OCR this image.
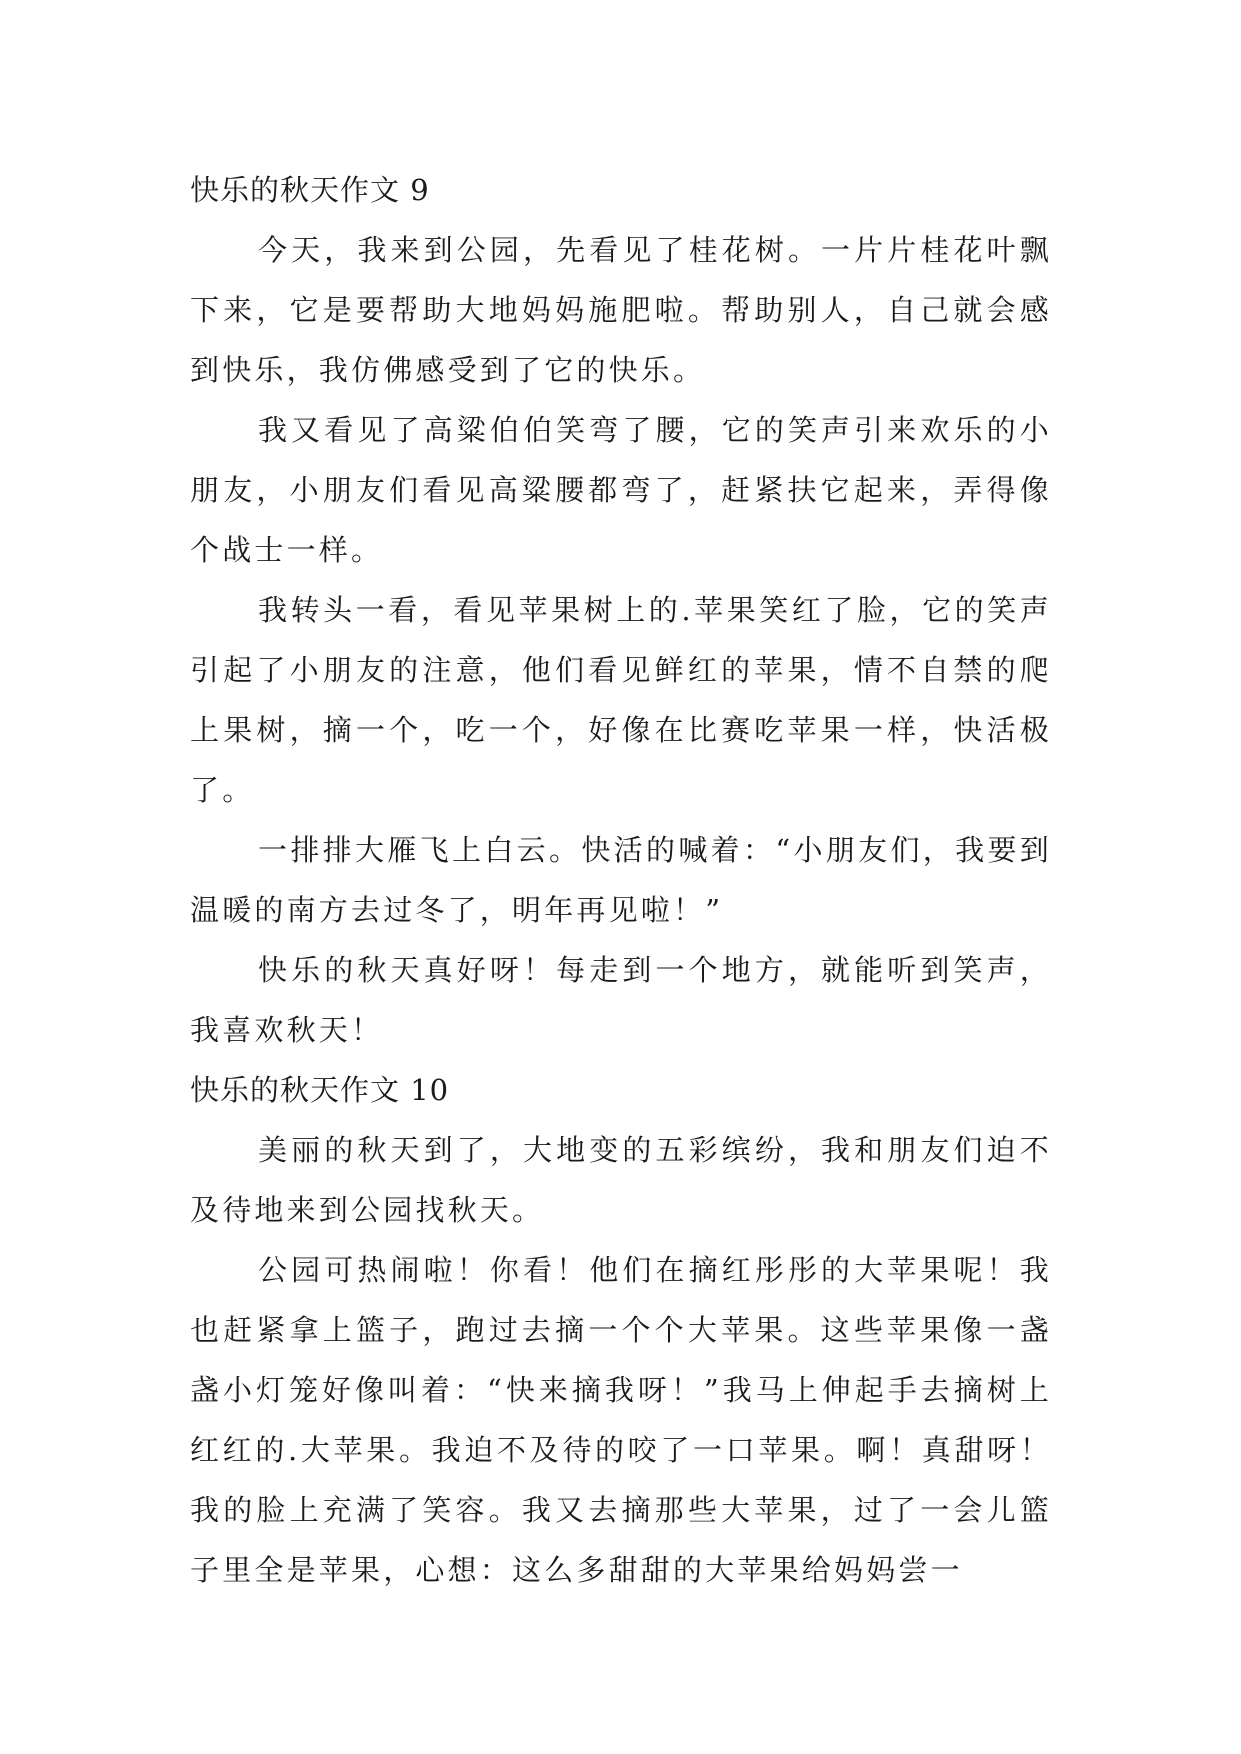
快乐的秋天作文 9

今天，我来到公园，先看见了桂花树。一片片桂花叶飘下来，它是要帮助大地妈妈施肥啦。帮助别人，自己就会感到快乐，我仿佛感受到了它的快乐。

我又看见了高粱伯伯笑弯了腰，它的笑声引来欢乐的小朋友，小朋友们看见高粱腰都弯了，赶紧扶它起来，弄得像个战士一样。

我转头一看，看见苹果树上的.苹果笑红了脸，它的笑声引起了小朋友的注意，他们看见鲜红的苹果，情不自禁的爬上果树，摘一个，吃一个，好像在比赛吃苹果一样，快活极了。

一排排大雁飞上白云。快活的喊着：“小朋友们，我要到温暖的南方去过冬了，明年再见啦！”

快乐的秋天真好呀！每走到一个地方，就能听到笑声，我喜欢秋天！

快乐的秋天作文 10

美丽的秋天到了，大地变的五彩缤纷，我和朋友们迫不及待地来到公园找秋天。

公园可热闹啦！你看！他们在摘红彤彤的大苹果呢！我也赶紧拿上篮子，跑过去摘一个个大苹果。这些苹果像一盏盏小灯笼好像叫着：“快来摘我呀！”我马上伸起手去摘树上红红的.大苹果。我迫不及待的咬了一口苹果。啊！真甜呀！我的脸上充满了笑容。我又去摘那些大苹果，过了一会儿篮子里全是苹果，心想：这么多甜甜的大苹果给妈妈尝一
